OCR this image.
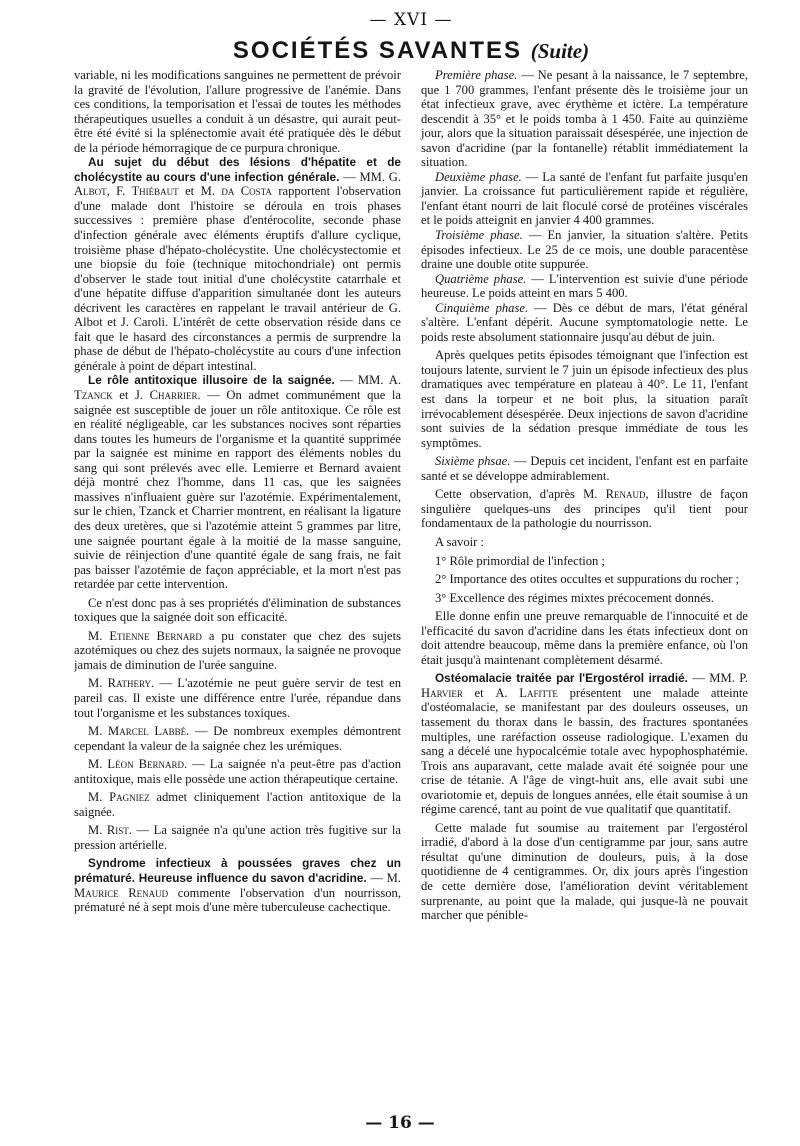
— XVI —
SOCIÉTÉS SAVANTES (Suite)

variable, ni les modifications sanguines ne permettent de prévoir la gravité de l'évolution, l'allure progressive de l'anémie. Dans ces conditions, la temporisation et l'essai de toutes les méthodes thérapeutiques usuelles a conduit à un désastre, qui aurait peut-être été évité si la splénectomie avait été pratiquée dès le début de la période hémorragique de ce purpura chronique.

Au sujet du début des lésions d'hépatite et de cholécystite au cours d'une infection générale. — MM. G. Albot, F. Thiébaut et M. da Costa rapportent l'observation d'une malade dont l'histoire se déroula en trois phases successives : première phase d'entérocolite, seconde phase d'infection générale avec éléments éruptifs d'allure cyclique, troisième phase d'hépato-cholécystite. Une cholécystectomie et une biopsie du foie (technique mitochondriale) ont permis d'observer le stade tout initial d'une cholécystite catarrhale et d'une hépatite diffuse d'apparition simultanée dont les auteurs décrivent les caractères en rappelant le travail antérieur de G. Albot et J. Caroli. L'intérêt de cette observation réside dans ce fait que le hasard des circonstances a permis de surprendre la phase de début de l'hépato-cholécystite au cours d'une infection générale à point de départ intestinal.

Le rôle antitoxique illusoire de la saignée. — MM. A. Tzanck et J. Charrier. — On admet communément que la saignée est susceptible de jouer un rôle antitoxique. Ce rôle est en réalité négligeable, car les substances nocives sont réparties dans toutes les humeurs de l'organisme et la quantité supprimée par la saignée est minime en rapport des éléments nobles du sang qui sont prélevés avec elle. Lemierre et Bernard avaient déjà montré chez l'homme, dans 11 cas, que les saignées massives n'influaient guère sur l'azotémie. Expérimentalement, sur le chien, Tzanck et Charrier montrent, en réalisant la ligature des deux uretères, que si l'azotémie atteint 5 grammes par litre, une saignée pourtant égale à la moitié de la masse sanguine, suivie de réinjection d'une quantité égale de sang frais, ne fait pas baisser l'azotémie de façon appréciable, et la mort n'est pas retardée par cette intervention.

Ce n'est donc pas à ses propriétés d'élimination de substances toxiques que la saignée doit son efficacité.

M. Etienne Bernard a pu constater que chez des sujets azotémiques ou chez des sujets normaux, la saignée ne provoque jamais de diminution de l'urée sanguine.

M. Rathery. — L'azotémie ne peut guère servir de test en pareil cas. Il existe une différence entre l'urée, répandue dans tout l'organisme et les substances toxiques.

M. Marcel Labbé. — De nombreux exemples démontrent cependant la valeur de la saignée chez les urémiques.

M. Léon Bernard. — La saignée n'a peut-être pas d'action antitoxique, mais elle possède une action thérapeutique certaine.

M. Pagniez admet cliniquement l'action antitoxique de la saignée.

M. Rist. — La saignée n'a qu'une action très fugitive sur la pression artérielle.

Syndrome infectieux à poussées graves chez un prématuré. Heureuse influence du savon d'acridine. — M. Maurice Renaud commente l'observation d'un nourrisson, prématuré né à sept mois d'une mère tuberculeuse cachectique.

Première phase. — Ne pesant à la naissance, le 7 septembre, que 1 700 grammes, l'enfant présente dès le troisième jour un état infectieux grave, avec érythème et ictère. La température descendit à 35° et le poids tomba à 1 450. Faite au quinzième jour, alors que la situation paraissait désespérée, une injection de savon d'acridine (par la fontanelle) rétablit immédiatement la situation.

Deuxième phase. — La santé de l'enfant fut parfaite jusqu'en janvier. La croissance fut particulièrement rapide et régulière, l'enfant étant nourri de lait floculé corsé de protéines viscérales et le poids atteignit en janvier 4 400 grammes.

Troisième phase. — En janvier, la situation s'altère. Petits épisodes infectieux. Le 25 de ce mois, une double paracentèse draine une double otite suppurée.

Quatrième phase. — L'intervention est suivie d'une période heureuse. Le poids atteint en mars 5 400.

Cinquième phase. — Dès ce début de mars, l'état général s'altère. L'enfant dépérit. Aucune symptomatologie nette. Le poids reste absolument stationnaire jusqu'au début de juin.

Après quelques petits épisodes témoignant que l'infection est toujours latente, survient le 7 juin un épisode infectieux des plus dramatiques avec température en plateau à 40°. Le 11, l'enfant est dans la torpeur et ne boit plus, la situation paraît irrévocablement désespérée. Deux injections de savon d'acridine sont suivies de la sédation presque immédiate de tous les symptômes.

Sixième phsae. — Depuis cet incident, l'enfant est en parfaite santé et se développe admirablement.

Cette observation, d'après M. Renaud, illustre de façon singulière quelques-uns des principes qu'il tient pour fondamentaux de la pathologie du nourrisson.

A savoir :

1° Rôle primordial de l'infection ;

2° Importance des otites occultes et suppurations du rocher ;

3° Excellence des régimes mixtes précocement donnés.

Elle donne enfin une preuve remarquable de l'innocuité et de l'efficacité du savon d'acridine dans les états infectieux dont on doit attendre beaucoup, même dans la première enfance, où l'on était jusqu'à maintenant complètement désarmé.

Ostéomalacie traitée par l'Ergostérol irradié. — MM. P. Harvier et A. Lafitte présentent une malade atteinte d'ostéomalacie, se manifestant par des douleurs osseuses, un tassement du thorax dans le bassin, des fractures spontanées multiples, une raréfaction osseuse radiologique. L'examen du sang a décelé une hypocalcémie totale avec hypophosphatémie. Trois ans auparavant, cette malade avait été soignée pour une crise de tétanie. A l'âge de vingt-huit ans, elle avait subi une ovariotomie et, depuis de longues années, elle était soumise à un régime carencé, tant au point de vue qualitatif que quantitatif.

Cette malade fut soumise au traitement par l'ergostérol irradié, d'abord à la dose d'un centigramme par jour, sans autre résultat qu'une diminution de douleurs, puis, à la dose quotidienne de 4 centigrammes. Or, dix jours après l'ingestion de cette dernière dose, l'amélioration devint véritablement surprenante, au point que la malade, qui jusque-là ne pouvait marcher que pénible-

— 16 —
